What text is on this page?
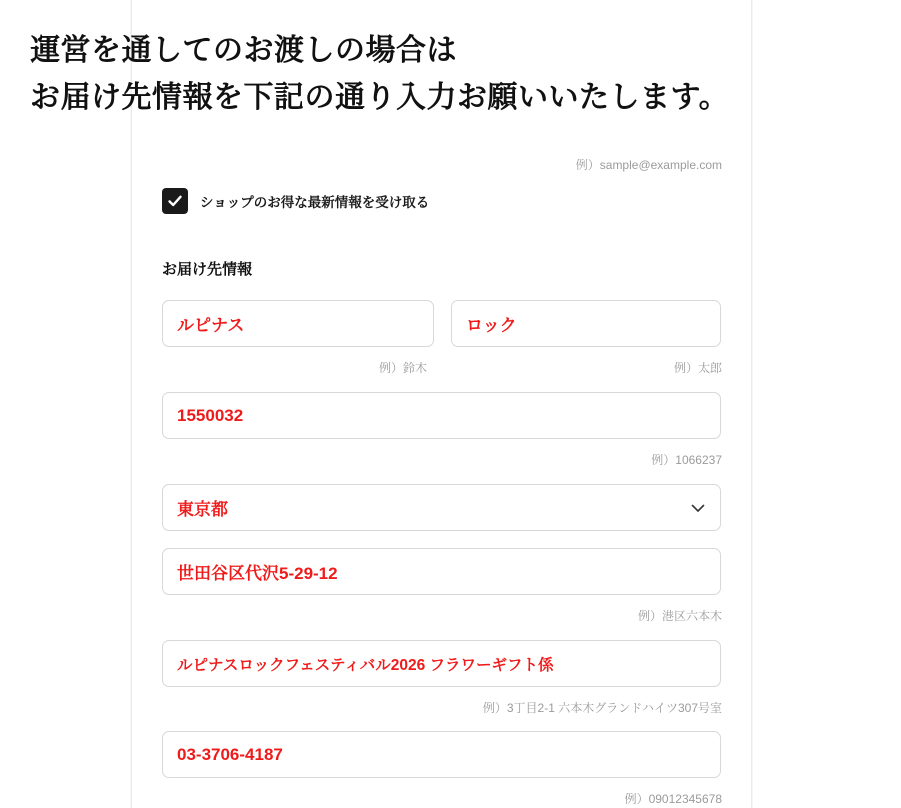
例）sample@example.com
ショップのお得な最新情報を受け取る
お届け先情報
ルピナス
例）鈴木
ロック
例）太郎
1550032
例）1066237
東京都
世田谷区代沢5-29-12
例）港区六本木
ルピナスロックフェスティバル2026 フラワーギフト係
例）3丁目2-1 六本木グランドハイツ307号室
03-3706-4187
例）09012345678
運営を通してのお渡しの場合は
お届け先情報を下記の通り入力お願いいたします。
